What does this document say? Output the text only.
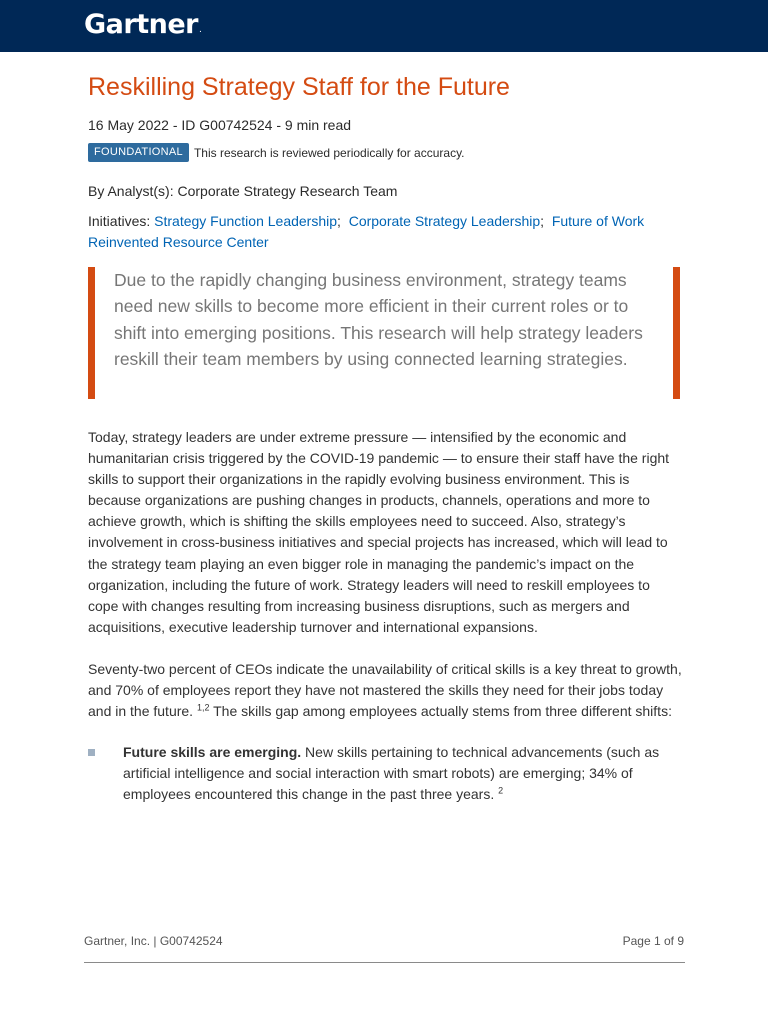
Gartner.
Reskilling Strategy Staff for the Future
16 May 2022 - ID G00742524 - 9 min read
FOUNDATIONAL This research is reviewed periodically for accuracy.
By Analyst(s): Corporate Strategy Research Team
Initiatives: Strategy Function Leadership;  Corporate Strategy Leadership;  Future of Work Reinvented Resource Center
Due to the rapidly changing business environment, strategy teams need new skills to become more efficient in their current roles or to shift into emerging positions. This research will help strategy leaders reskill their team members by using connected learning strategies.

Today, strategy leaders are under extreme pressure — intensified by the economic and humanitarian crisis triggered by the COVID-19 pandemic — to ensure their staff have the right skills to support their organizations in the rapidly evolving business environment. This is because organizations are pushing changes in products, channels, operations and more to achieve growth, which is shifting the skills employees need to succeed. Also, strategy’s involvement in cross-business initiatives and special projects has increased, which will lead to the strategy team playing an even bigger role in managing the pandemic’s impact on the organization, including the future of work. Strategy leaders will need to reskill employees to cope with changes resulting from increasing business disruptions, such as mergers and acquisitions, executive leadership turnover and international expansions.

Seventy-two percent of CEOs indicate the unavailability of critical skills is a key threat to growth, and 70% of employees report they have not mastered the skills they need for their jobs today and in the future. $^{1,2}$ The skills gap among employees actually stems from three different shifts:

Future skills are emerging. New skills pertaining to technical advancements (such as artificial intelligence and social interaction with smart robots) are emerging; 34% of employees encountered this change in the past three years. $^2$
Gartner, Inc. | G00742524	Page 1 of 9
